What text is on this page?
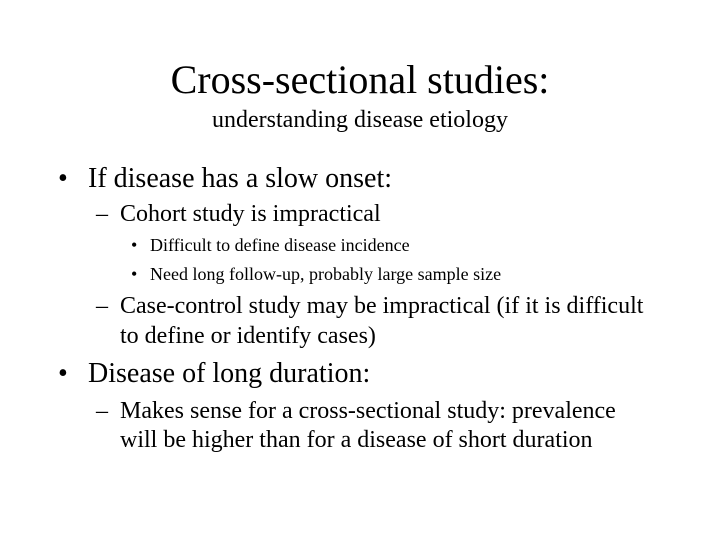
Cross-sectional studies:
understanding disease etiology
• If disease has a slow onset:
– Cohort study is impractical
• Difficult to define disease incidence
• Need long follow-up, probably large sample size
– Case-control study may be impractical (if it is difficult
to define or identify cases)
• Disease of long duration:
– Makes sense for a cross-sectional study: prevalence
will be higher than for a disease of short duration
